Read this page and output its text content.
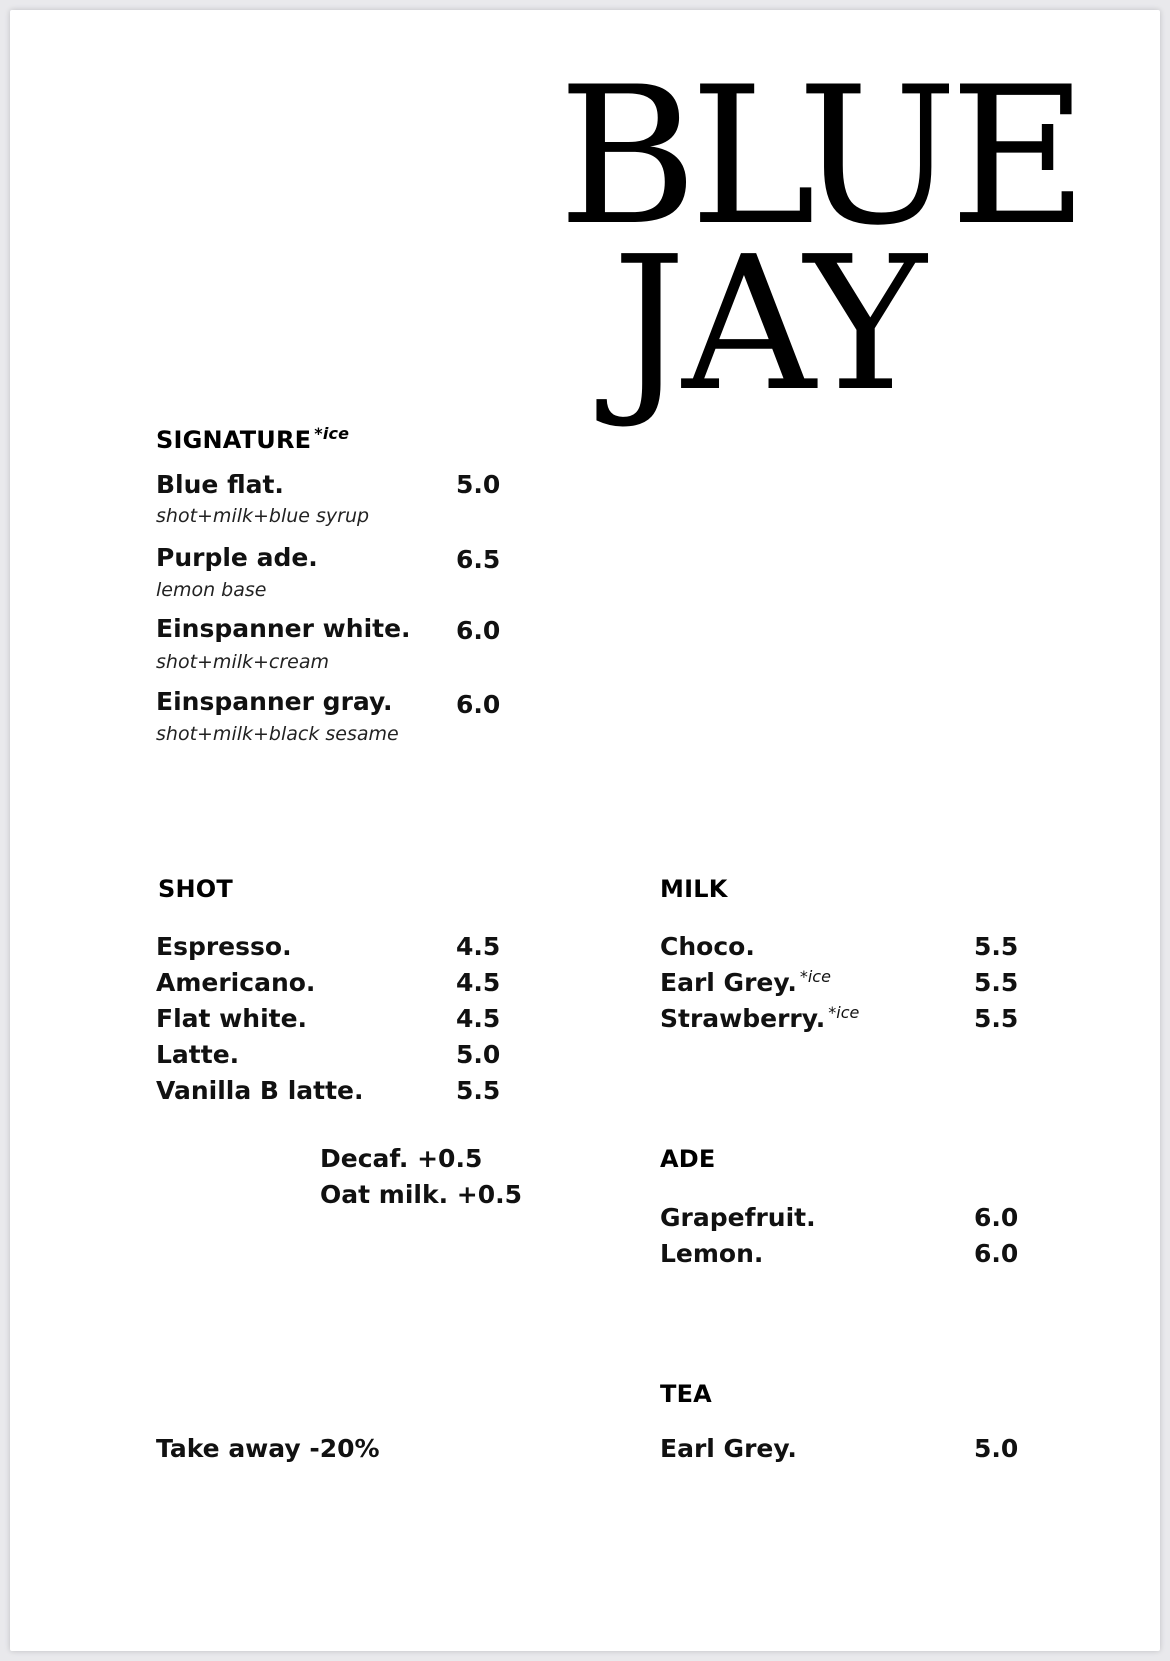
BLUE
JAY
SIGNATURE $^{*ice}$
Blue flat.	5.0
shot+milk+blue syrup
Purple ade.	6.5
lemon base
Einspanner white. 6.0
shot+milk+cream
Einspanner gray.	6.0
shot+milk+black sesame
SHOT
Espresso.	4.5
Americano.	4.5
Flat white.	4.5
Latte.	5.0
Vanilla B latte.	5.5
Decaf. +0.5
Oat milk. +0.5
MILK
Choco.	5.5
Earl Grey. $^{*ice}$	5.5
Strawberry. $^{*ice}$	5.5
ADE
Grapefruit.	6.0
Lemon.	6.0
TEA
Earl Grey.	5.0
Take away -20%
